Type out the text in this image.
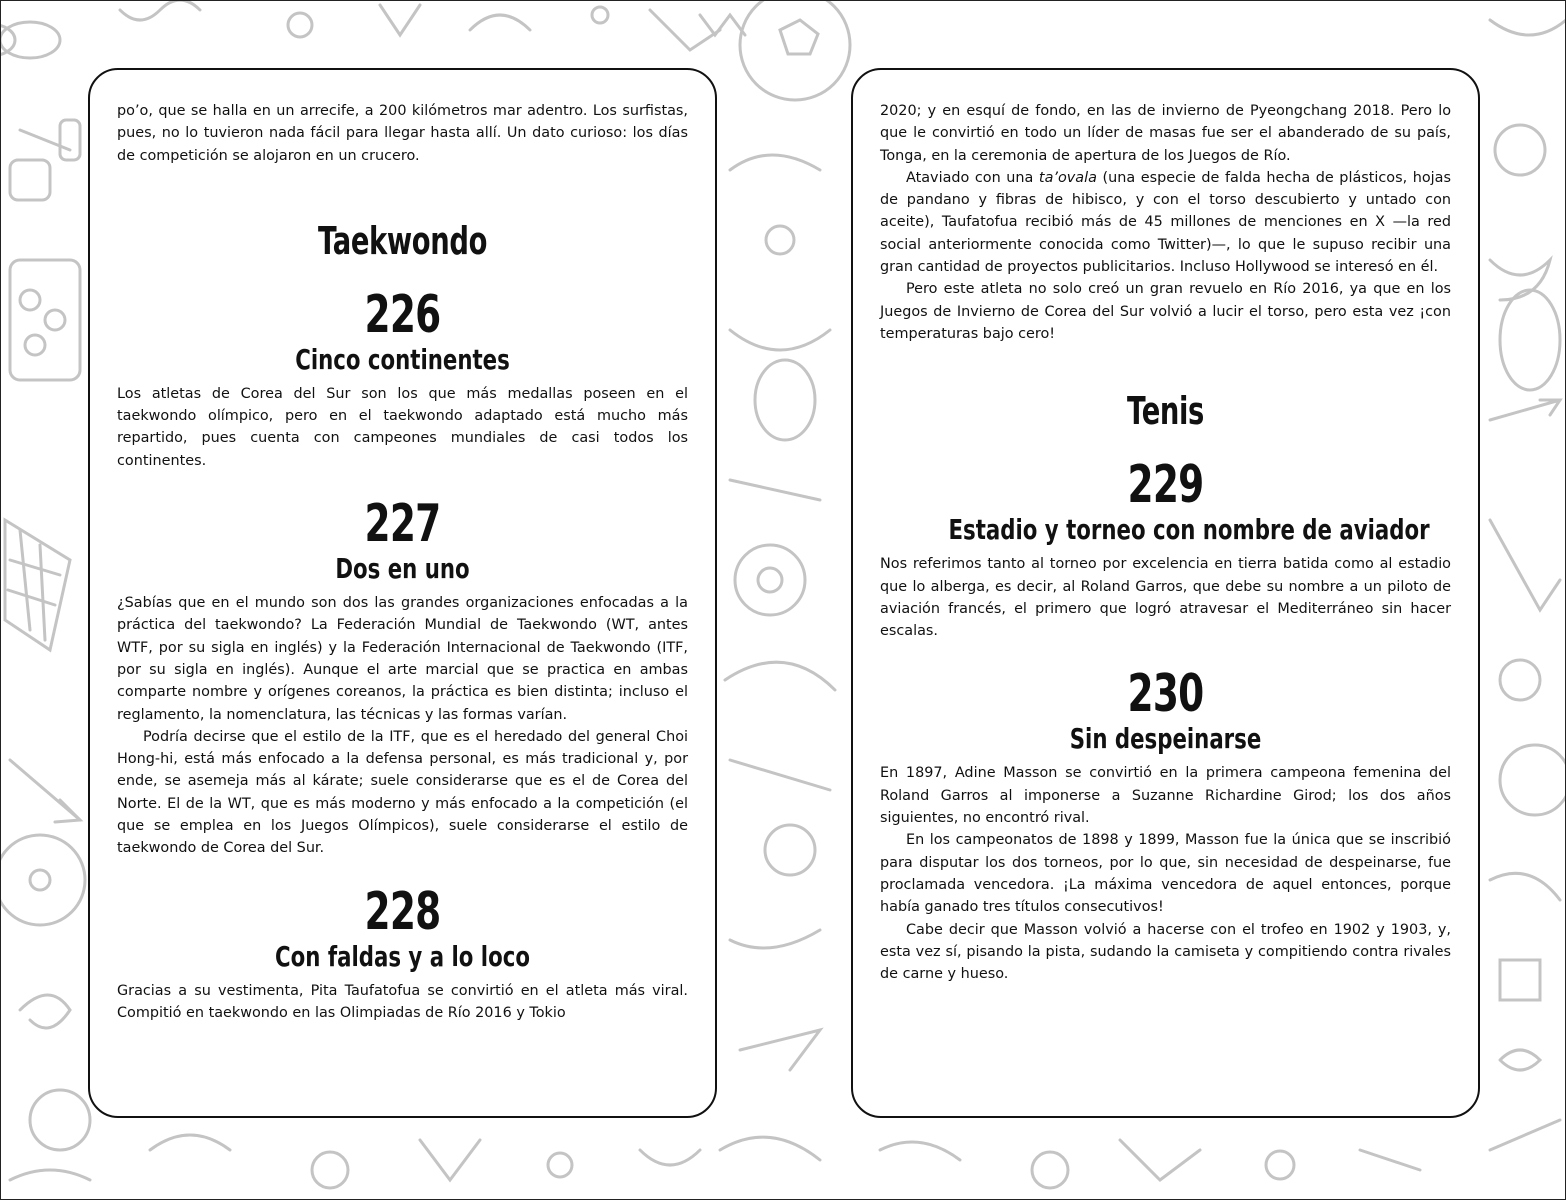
po’o, que se halla en un arrecife, a 200 kilómetros mar adentro. Los surfistas, pues, no lo tuvieron nada fácil para llegar hasta allí. Un dato curioso: los días de competición se alojaron en un crucero.

Taekwondo
226
Cinco continentes

Los atletas de Corea del Sur son los que más medallas poseen en el taekwondo olímpico, pero en el taekwondo adaptado está mucho más repartido, pues cuenta con campeones mundiales de casi todos los continentes.

227
Dos en uno

¿Sabías que en el mundo son dos las grandes organizaciones enfocadas a la práctica del taekwondo? La Federación Mundial de Taekwondo (WT, antes WTF, por su sigla en inglés) y la Federación Internacional de Taekwondo (ITF, por su sigla en inglés). Aunque el arte marcial que se practica en ambas comparte nombre y orígenes coreanos, la práctica es bien distinta; incluso el reglamento, la nomenclatura, las técnicas y las formas varían.

Podría decirse que el estilo de la ITF, que es el heredado del general Choi Hong-hi, está más enfocado a la defensa personal, es más tradicional y, por ende, se asemeja más al kárate; suele considerarse que es el de Corea del Norte. El de la WT, que es más moderno y más enfocado a la competición (el que se emplea en los Juegos Olímpicos), suele considerarse el estilo de taekwondo de Corea del Sur.

228
Con faldas y a lo loco

Gracias a su vestimenta, Pita Taufatofua se convirtió en el atleta más viral. Compitió en taekwondo en las Olimpiadas de Río 2016 y Tokio

2020; y en esquí de fondo, en las de invierno de Pyeongchang 2018. Pero lo que le convirtió en todo un líder de masas fue ser el abanderado de su país, Tonga, en la ceremonia de apertura de los Juegos de Río.

Ataviado con una ta’ovala (una especie de falda hecha de plásticos, hojas de pandano y fibras de hibisco, y con el torso descubierto y untado con aceite), Taufatofua recibió más de 45 millones de menciones en X —la red social anteriormente conocida como Twitter)—, lo que le supuso recibir una gran cantidad de proyectos publicitarios. Incluso Hollywood se interesó en él.

Pero este atleta no solo creó un gran revuelo en Río 2016, ya que en los Juegos de Invierno de Corea del Sur volvió a lucir el torso, pero esta vez ¡con temperaturas bajo cero!

Tenis
229
Estadio y torneo con nombre de aviador

Nos referimos tanto al torneo por excelencia en tierra batida como al estadio que lo alberga, es decir, al Roland Garros, que debe su nombre a un piloto de aviación francés, el primero que logró atravesar el Mediterráneo sin hacer escalas.

230
Sin despeinarse

En 1897, Adine Masson se convirtió en la primera campeona femenina del Roland Garros al imponerse a Suzanne Richardine Girod; los dos años siguientes, no encontró rival.

En los campeonatos de 1898 y 1899, Masson fue la única que se inscribió para disputar los dos torneos, por lo que, sin necesidad de despeinarse, fue proclamada vencedora. ¡La máxima vencedora de aquel entonces, porque había ganado tres títulos consecutivos!

Cabe decir que Masson volvió a hacerse con el trofeo en 1902 y 1903, y, esta vez sí, pisando la pista, sudando la camiseta y compitiendo contra rivales de carne y hueso.
